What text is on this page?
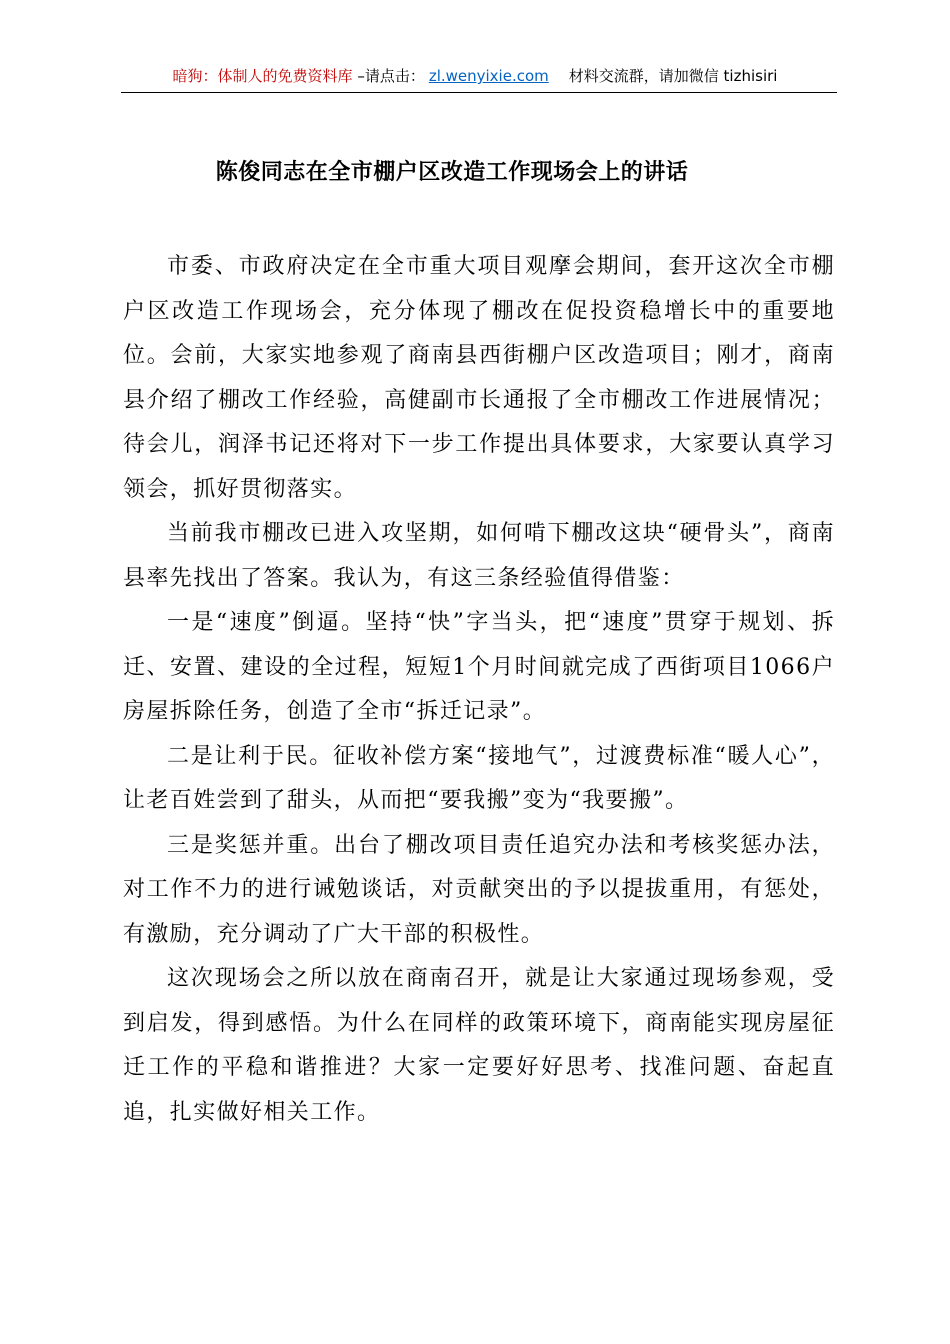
暗狗：体制人的免费资料库 –请点击： zl.wenyixie.com 材料交流群，请加微信 tizhisiri
陈俊同志在全市棚户区改造工作现场会上的讲话

市委、市政府决定在全市重大项目观摩会期间，套开这次全市棚户区改造工作现场会，充分体现了棚改在促投资稳增长中的重要地位。会前，大家实地参观了商南县西街棚户区改造项目；刚才，商南县介绍了棚改工作经验，高健副市长通报了全市棚改工作进展情况；待会儿，润泽书记还将对下一步工作提出具体要求，大家要认真学习领会，抓好贯彻落实。

当前我市棚改已进入攻坚期，如何啃下棚改这块“硬骨头”，商南县率先找出了答案。我认为，有这三条经验值得借鉴：

一是“速度”倒逼。坚持“快”字当头，把“速度”贯穿于规划、拆迁、安置、建设的全过程，短短1个月时间就完成了西街项目1066户房屋拆除任务，创造了全市“拆迁记录”。

二是让利于民。征收补偿方案“接地气”，过渡费标准“暖人心”，让老百姓尝到了甜头，从而把“要我搬”变为“我要搬”。

三是奖惩并重。出台了棚改项目责任追究办法和考核奖惩办法，对工作不力的进行诫勉谈话，对贡献突出的予以提拔重用，有惩处，有激励，充分调动了广大干部的积极性。

这次现场会之所以放在商南召开，就是让大家通过现场参观，受到启发，得到感悟。为什么在同样的政策环境下，商南能实现房屋征迁工作的平稳和谐推进？大家一定要好好思考、找准问题、奋起直追，扎实做好相关工作。
